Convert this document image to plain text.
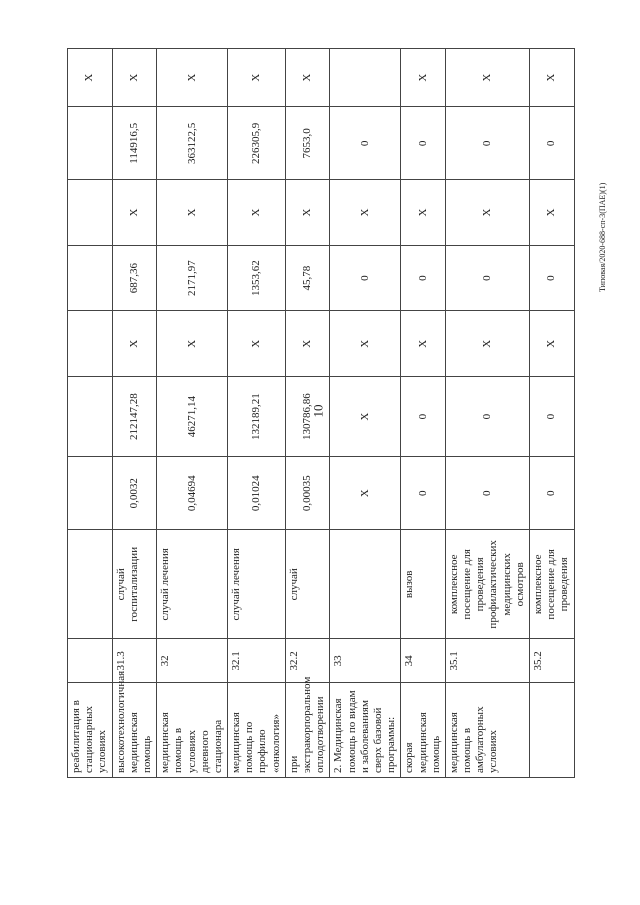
10
Типовая/2020-688-сп-3(ПАЕ)(1)
реабилитация в стационарных условиях									X
высокотехнологичная медицинская помощь	31.3	случай госпитализации	0,0032	212147,28	X	687,36	X	114916,5	X
медицинская помощь в условиях дневного стационара	32	случай лечения	0,04694	46271,14	X	2171,97	X	363122,5	X
медицинская помощь по профилю «онкология»	32.1	случай лечения	0,01024	132189,21	X	1353,62	X	226305,9	X
при экстракорпоральном оплодотворении	32.2	случай	0,00035	130786,86	X	45,78	X	7653,0	X
2. Медицинская помощь по видам и заболеваниям сверх базовой программы:	33		X	X	X	0	X	0	
скорая медицинская помощь	34	вызов	0	0	X	0	X	0	X
медицинская помощь в амбулаторных условиях	35.1	комплексное посещение для проведения профилактических медицинских осмотров	0	0	X	0	X	0	X
	35.2	комплексное посещение для проведения	0	0	X	0	X	0	X
